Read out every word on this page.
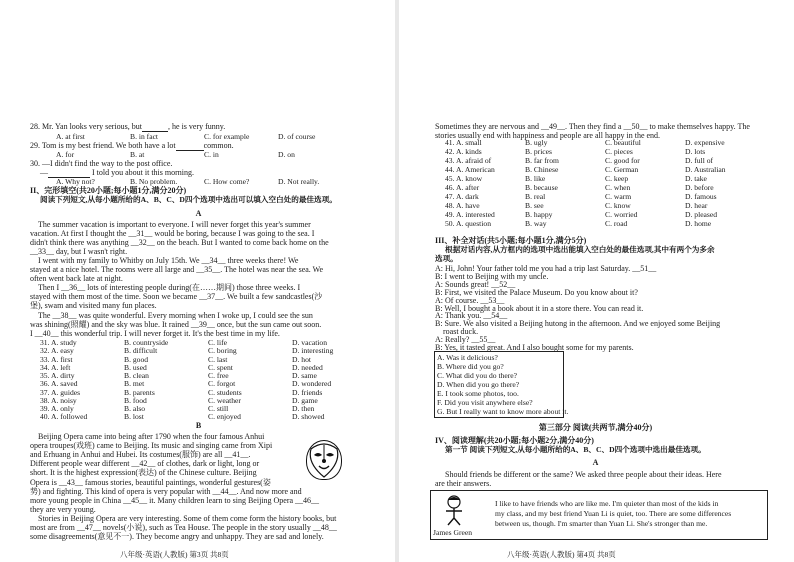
28. Mr. Yan looks very serious, but	, he is very funny.
A. at first	B. in fact	C. for example	D. of course
29. Tom is my best friend. We both have a lot	common.
A. for	B. at	C. in	D. on
30. —I didn't find the way to the post office.
—	I told you about it this morning.
A. Why not?	B. No problem.	C. How come?	D. Not really.
II、完形填空(共20小题;每小题1分,满分20分)
阅读下列短文,从每小题所给的A、B、C、D四个选项中选出可以填入空白处的最佳选项。
A
The summer vacation is important to everyone. I will never forget this year's summer
vacation. At first I thought the __31__ would be boring, because I was going to the sea. I
didn't think there was anything __32__ on the beach. But I wanted to come back home on the
__33__ day, but I wasn't right.
I went with my family to Whitby on July 15th. We __34__ three weeks there! We
stayed at a nice hotel. The rooms were all large and __35__. The hotel was near the sea. We
often went back late at night.
Then I __36__ lots of interesting people during(在……期间) those three weeks. I
stayed with them most of the time. Soon we became __37__. We built a few sandcastles(沙
堡), swam and visited many fun places.
The __38__ was quite wonderful. Every morning when I woke up, I could see the sun
was shining(照耀) and the sky was blue. It rained __39__ once, but the sun came out soon.
I __40__ this wonderful trip. I will never forget it. It's the best time in my life.
31. A. study	B. countryside	C. life	D. vacation
32. A. easy	B. difficult	C. boring	D. interesting
33. A. first	B. good	C. last	D. hot
34. A. left	B. used	C. spent	D. needed
35. A. dirty	B. clean	C. free	D. same
36. A. saved	B. met	C. forgot	D. wondered
37. A. guides	B. parents	C. students	D. friends
38. A. noisy	B. food	C. weather	D. game
39. A. only	B. also	C. still	D. then
40. A. followed	B. lost	C. enjoyed	D. showed
B
Beijing Opera came into being after 1790 when the four famous Anhui
opera troupes(戏班) came to Beijing. Its music and singing came from Xipi
and Erhuang in Anhui and Hubei. Its costumes(服饰) are all __41__.
Different people wear different __42__ of clothes, dark or light, long or
short. It is the highest expression(表达) of the Chinese culture. Beijing
Opera is __43__ famous stories, beautiful paintings, wonderful gestures(姿
势) and fighting. This kind of opera is very popular with __44__. And now more and
more young people in China __45__ it. Many children learn to sing Beijing Opera __46__
they are very young.
Stories in Beijing Opera are very interesting. Some of them come form the history books, but
most are from __47__ novels(小说), such as Tea House. The people in the story usually __48__
some disagreements(意见不一). They become angry and unhappy. They are sad and lonely.
八年级·英语(人教版) 第3页 共8页
Sometimes they are nervous and __49__. Then they find a __50__ to make themselves happy. The
stories usually end with happiness and people are all happy in the end.
41. A. small	B. ugly	C. beautiful	D. expensive
42. A. kinds	B. prices	C. pieces	D. lots
43. A. afraid of	B. far from	C. good for	D. full of
44. A. American	B. Chinese	C. German	D. Australian
45. A. know	B. like	C. keep	D. take
46. A. after	B. because	C. when	D. before
47. A. dark	B. real	C. warm	D. famous
48. A. have	B. see	C. know	D. hear
49. A. interested	B. happy	C. worried	D. pleased
50. A. question	B. way	C. road	D. home
III、补全对话(共5小题;每小题1分,满分5分)
根据对话内容,从方框内的选项中选出能填入空白处的最佳选项,其中有两个为多余
选项。
A: Hi, John! Your father told me you had a trip last Saturday. __51__
B: I went to Beijing with my uncle.
A: Sounds great! __52__
B: First, we visited the Palace Museum. Do you know about it?
A: Of course. __53__
B: Well, I bought a book about it in a store there. You can read it.
A: Thank you. __54__
B: Sure. We also visited a Beijing hutong in the afternoon. And we enjoyed some Beijing
roast duck.
A: Really? __55__
B: Yes, it tasted great. And I also bought some for my parents.
A. Was it delicious?
B. Where did you go?
C. What did you do there?
D. When did you go there?
E. I took some photos, too.
F. Did you visit anywhere else?
G. But I really want to know more about it.
第三部分 阅读(共两节,满分40分)
IV、阅读理解(共20小题;每小题2分,满分40分)
第一节 阅读下列短文,从每小题所给的A、B、C、D四个选项中选出最佳选项。
A
Should friends be different or the same? We asked three people about their ideas. Here
are their answers.
James Green
I like to have friends who are like me. I'm quieter than most of the kids in
my class, and my best friend Yuan Li is quiet, too. There are some differences
between us, though. I'm smarter than Yuan Li. She's stronger than me.
八年级·英语(人教版) 第4页 共8页
